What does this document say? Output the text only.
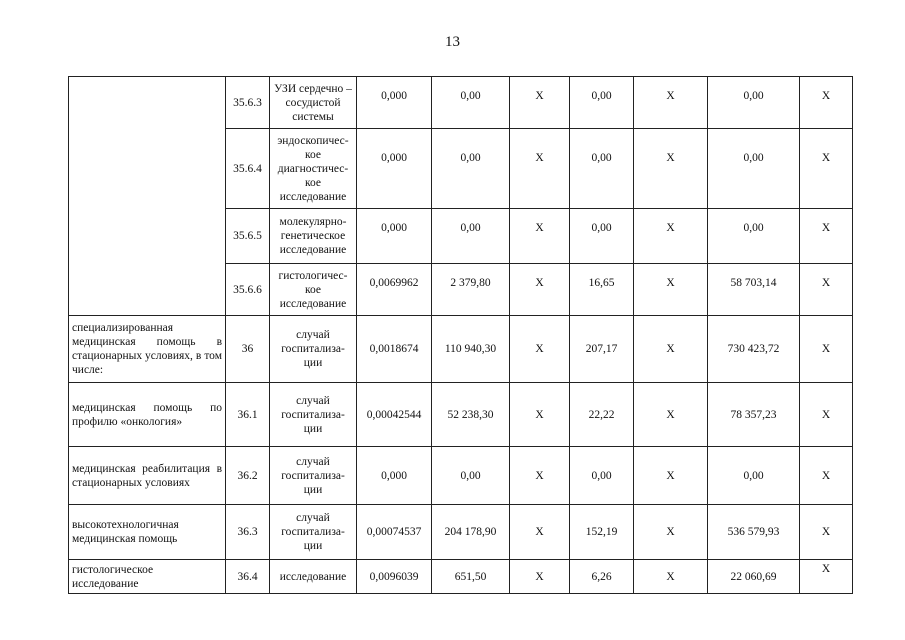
13
	35.6.3	УЗИ сердечно – сосудистой системы	0,000	0,00	X	0,00	X	0,00	X
	35.6.4	эндоскопичес-кое диагностичес-кое исследование	0,000	0,00	X	0,00	X	0,00	X
	35.6.5	молекулярно-генетическое исследование	0,000	0,00	X	0,00	X	0,00	X
	35.6.6	гистологичес-кое исследование	0,0069962	2 379,80	X	16,65	X	58 703,14	X
специализированная медицинская помощь в стационарных условиях, в том числе:	36	случай госпитализа-ции	0,0018674	110 940,30	X	207,17	X	730 423,72	X
медицинская помощь по профилю «онкология»	36.1	случай госпитализа-ции	0,00042544	52 238,30	X	22,22	X	78 357,23	X
медицинская реабилитация в стационарных условиях	36.2	случай госпитализа-ции	0,000	0,00	X	0,00	X	0,00	X
высокотехнологичная медицинская помощь	36.3	случай госпитализа-ции	0,00074537	204 178,90	X	152,19	X	536 579,93	X
гистологическое исследование	36.4	исследование	0,0096039	651,50	X	6,26	X	22 060,69	X
